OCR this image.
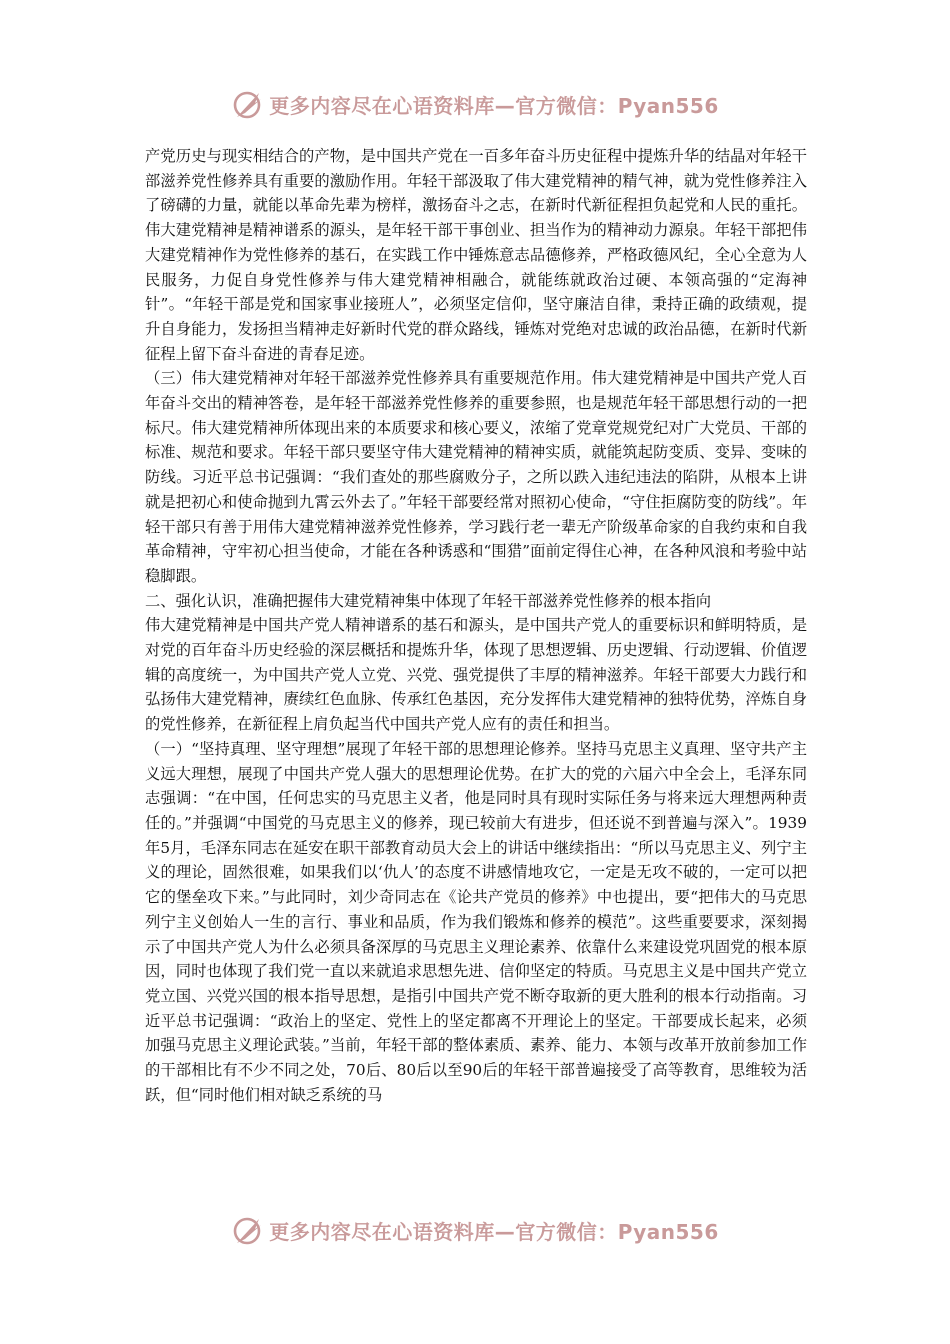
更多内容尽在心语资料库—官方微信：Pyan556

产党历史与现实相结合的产物，是中国共产党在一百多年奋斗历史征程中提炼升华的结晶对年轻干部滋养党性修养具有重要的激励作用。年轻干部汲取了伟大建党精神的精气神，就为党性修养注入了磅礴的力量，就能以革命先辈为榜样，激扬奋斗之志，在新时代新征程担负起党和人民的重托。伟大建党精神是精神谱系的源头，是年轻干部干事创业、担当作为的精神动力源泉。年轻干部把伟大建党精神作为党性修养的基石，在实践工作中锤炼意志品德修养，严格政德风纪，全心全意为人民服务，力促自身党性修养与伟大建党精神相融合，就能练就政治过硬、本领高强的“定海神针”。“年轻干部是党和国家事业接班人”，必须坚定信仰，坚守廉洁自律，秉持正确的政绩观，提升自身能力，发扬担当精神走好新时代党的群众路线，锤炼对党绝对忠诚的政治品德，在新时代新征程上留下奋斗奋进的青春足迹。

（三）伟大建党精神对年轻干部滋养党性修养具有重要规范作用。伟大建党精神是中国共产党人百年奋斗交出的精神答卷，是年轻干部滋养党性修养的重要参照，也是规范年轻干部思想行动的一把标尺。伟大建党精神所体现出来的本质要求和核心要义，浓缩了党章党规党纪对广大党员、干部的标准、规范和要求。年轻干部只要坚守伟大建党精神的精神实质，就能筑起防变质、变异、变味的防线。习近平总书记强调：“我们查处的那些腐败分子，之所以跌入违纪违法的陷阱，从根本上讲就是把初心和使命抛到九霄云外去了。”年轻干部要经常对照初心使命，“守住拒腐防变的防线”。年轻干部只有善于用伟大建党精神滋养党性修养，学习践行老一辈无产阶级革命家的自我约束和自我革命精神，守牢初心担当使命，才能在各种诱惑和“围猎”面前定得住心神，在各种风浪和考验中站稳脚跟。

二、强化认识，准确把握伟大建党精神集中体现了年轻干部滋养党性修养的根本指向

伟大建党精神是中国共产党人精神谱系的基石和源头，是中国共产党人的重要标识和鲜明特质，是对党的百年奋斗历史经验的深层概括和提炼升华，体现了思想逻辑、历史逻辑、行动逻辑、价值逻辑的高度统一，为中国共产党人立党、兴党、强党提供了丰厚的精神滋养。年轻干部要大力践行和弘扬伟大建党精神，赓续红色血脉、传承红色基因，充分发挥伟大建党精神的独特优势，淬炼自身的党性修养，在新征程上肩负起当代中国共产党人应有的责任和担当。

（一）“坚持真理、坚守理想”展现了年轻干部的思想理论修养。坚持马克思主义真理、坚守共产主义远大理想，展现了中国共产党人强大的思想理论优势。在扩大的党的六届六中全会上，毛泽东同志强调：“在中国，任何忠实的马克思主义者，他是同时具有现时实际任务与将来远大理想两种责任的。”并强调“中国党的马克思主义的修养，现已较前大有进步，但还说不到普遍与深入”。1939年5月，毛泽东同志在延安在职干部教育动员大会上的讲话中继续指出：“所以马克思主义、列宁主义的理论，固然很难，如果我们以‘仇人’的态度不讲感情地攻它，一定是无攻不破的，一定可以把它的堡垒攻下来。”与此同时，刘少奇同志在《论共产党员的修养》中也提出，要“把伟大的马克思列宁主义创始人一生的言行、事业和品质，作为我们锻炼和修养的模范”。这些重要要求，深刻揭示了中国共产党人为什么必须具备深厚的马克思主义理论素养、依靠什么来建设党巩固党的根本原因，同时也体现了我们党一直以来就追求思想先进、信仰坚定的特质。马克思主义是中国共产党立党立国、兴党兴国的根本指导思想，是指引中国共产党不断夺取新的更大胜利的根本行动指南。习近平总书记强调：“政治上的坚定、党性上的坚定都离不开理论上的坚定。干部要成长起来，必须加强马克思主义理论武装。”当前，年轻干部的整体素质、素养、能力、本领与改革开放前参加工作的干部相比有不少不同之处，70后、80后以至90后的年轻干部普遍接受了高等教育，思维较为活跃，但“同时他们相对缺乏系统的马

更多内容尽在心语资料库—官方微信：Pyan556
